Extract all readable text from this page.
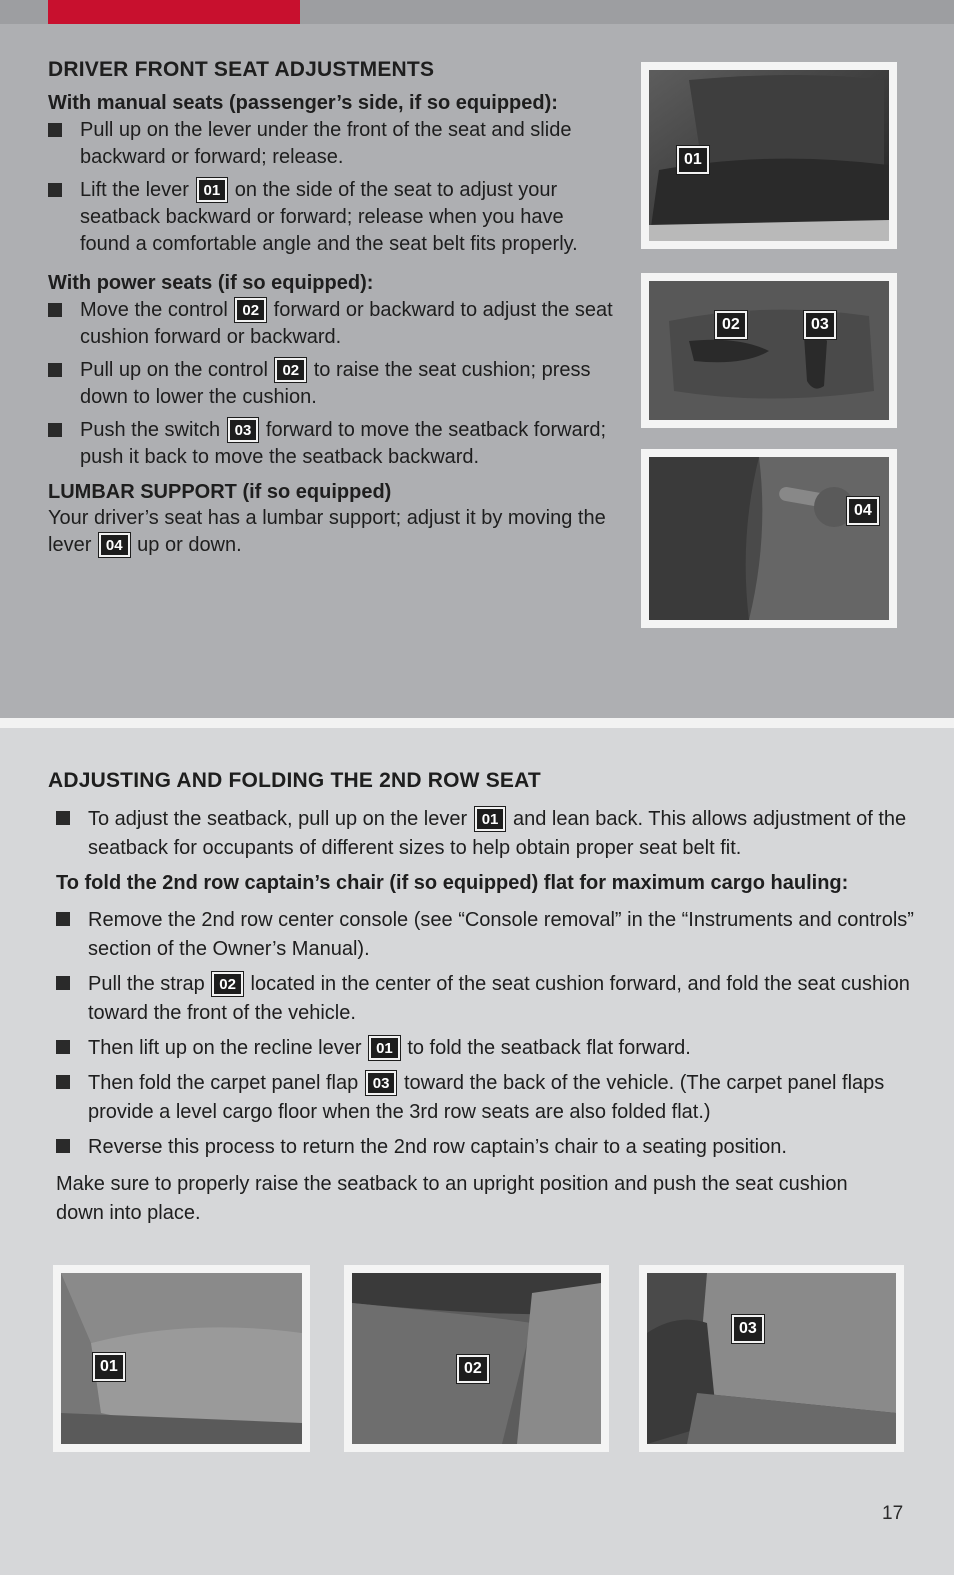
DRIVER FRONT SEAT ADJUSTMENTS
With manual seats (passenger’s side, if so equipped):
Pull up on the lever under the front of the seat and slide backward or forward; release.
Lift the lever 01 on the side of the seat to adjust your seatback backward or forward; release when you have found a comfortable angle and the seat belt fits properly.
With power seats (if so equipped):
Move the control 02 forward or backward to adjust the seat cushion forward or backward.
Pull up on the control 02 to raise the seat cushion; press down to lower the cushion.
Push the switch 03 forward to move the seatback forward; push it back to move the seatback backward.
LUMBAR SUPPORT (if so equipped)
Your driver’s seat has a lumbar support; adjust it by moving the lever 04 up or down.
01
02	03
04
ADJUSTING AND FOLDING THE 2ND ROW SEAT
To adjust the seatback, pull up on the lever 01 and lean back. This allows adjustment of the seatback for occupants of different sizes to help obtain proper seat belt fit.
To fold the 2nd row captain’s chair (if so equipped) flat for maximum cargo hauling:
Remove the 2nd row center console (see “Console removal” in the “Instruments and controls” section of the Owner’s Manual).
Pull the strap 02 located in the center of the seat cushion forward, and fold the seat cushion toward the front of the vehicle.
Then lift up on the recline lever 01 to fold the seatback flat forward.
Then fold the carpet panel flap 03 toward the back of the vehicle. (The carpet panel flaps provide a level cargo floor when the 3rd row seats are also folded flat.)
Reverse this process to return the 2nd row captain’s chair to a seating position.
Make sure to properly raise the seatback to an upright position and push the seat cushion down into place.
01	02
03
17
